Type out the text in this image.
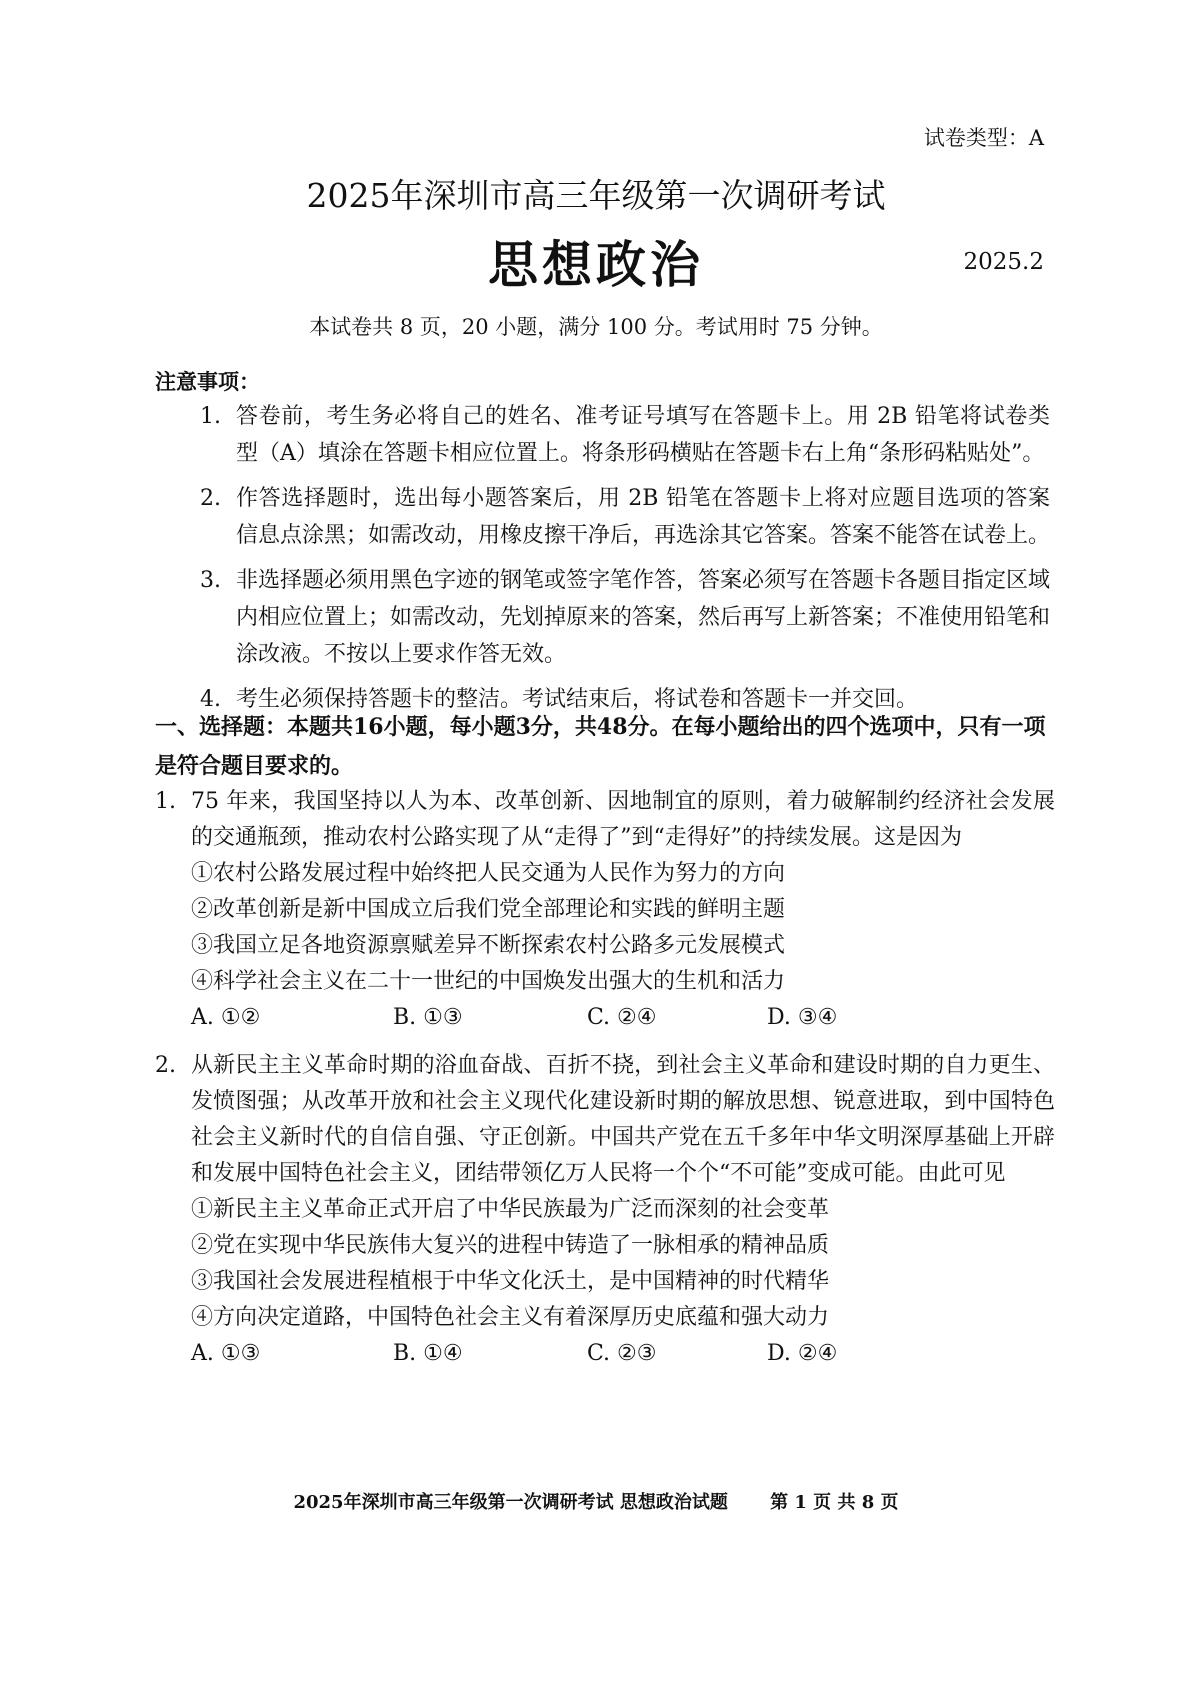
试卷类型：A
2025年深圳市高三年级第一次调研考试
思想政治	2025.2
本试卷共 8 页，20 小题，满分 100 分。考试用时 75 分钟。
注意事项：
1. 答卷前，考生务必将自己的姓名、准考证号填写在答题卡上。用 2B 铅笔将试卷类型（A）填涂在答题卡相应位置上。将条形码横贴在答题卡右上角“条形码粘贴处”。
2. 作答选择题时，选出每小题答案后，用 2B 铅笔在答题卡上将对应题目选项的答案信息点涂黑；如需改动，用橡皮擦干净后，再选涂其它答案。答案不能答在试卷上。
3. 非选择题必须用黑色字迹的钢笔或签字笔作答，答案必须写在答题卡各题目指定区域内相应位置上；如需改动，先划掉原来的答案，然后再写上新答案；不准使用铅笔和涂改液。不按以上要求作答无效。
4. 考生必须保持答题卡的整洁。考试结束后，将试卷和答题卡一并交回。
一、选择题：本题共16小题，每小题3分，共48分。在每小题给出的四个选项中，只有一项是符合题目要求的。
1. 75 年来，我国坚持以人为本、改革创新、因地制宜的原则，着力破解制约经济社会发展的交通瓶颈，推动农村公路实现了从“走得了”到“走得好”的持续发展。这是因为
①农村公路发展过程中始终把人民交通为人民作为努力的方向
②改革创新是新中国成立后我们党全部理论和实践的鲜明主题
③我国立足各地资源禀赋差异不断探索农村公路多元发展模式
④科学社会主义在二十一世纪的中国焕发出强大的生机和活力
A. ①②	B. ①③	C. ②④	D. ③④
2. 从新民主主义革命时期的浴血奋战、百折不挠，到社会主义革命和建设时期的自力更生、发愤图强；从改革开放和社会主义现代化建设新时期的解放思想、锐意进取，到中国特色社会主义新时代的自信自强、守正创新。中国共产党在五千多年中华文明深厚基础上开辟和发展中国特色社会主义，团结带领亿万人民将一个个“不可能”变成可能。由此可见
①新民主主义革命正式开启了中华民族最为广泛而深刻的社会变革
②党在实现中华民族伟大复兴的进程中铸造了一脉相承的精神品质
③我国社会发展进程植根于中华文化沃土，是中国精神的时代精华
④方向决定道路，中国特色社会主义有着深厚历史底蕴和强大动力
A. ①③	B. ①④	C. ②③	D. ②④
2025年深圳市高三年级第一次调研考试 思想政治试题 第 1 页 共 8 页
